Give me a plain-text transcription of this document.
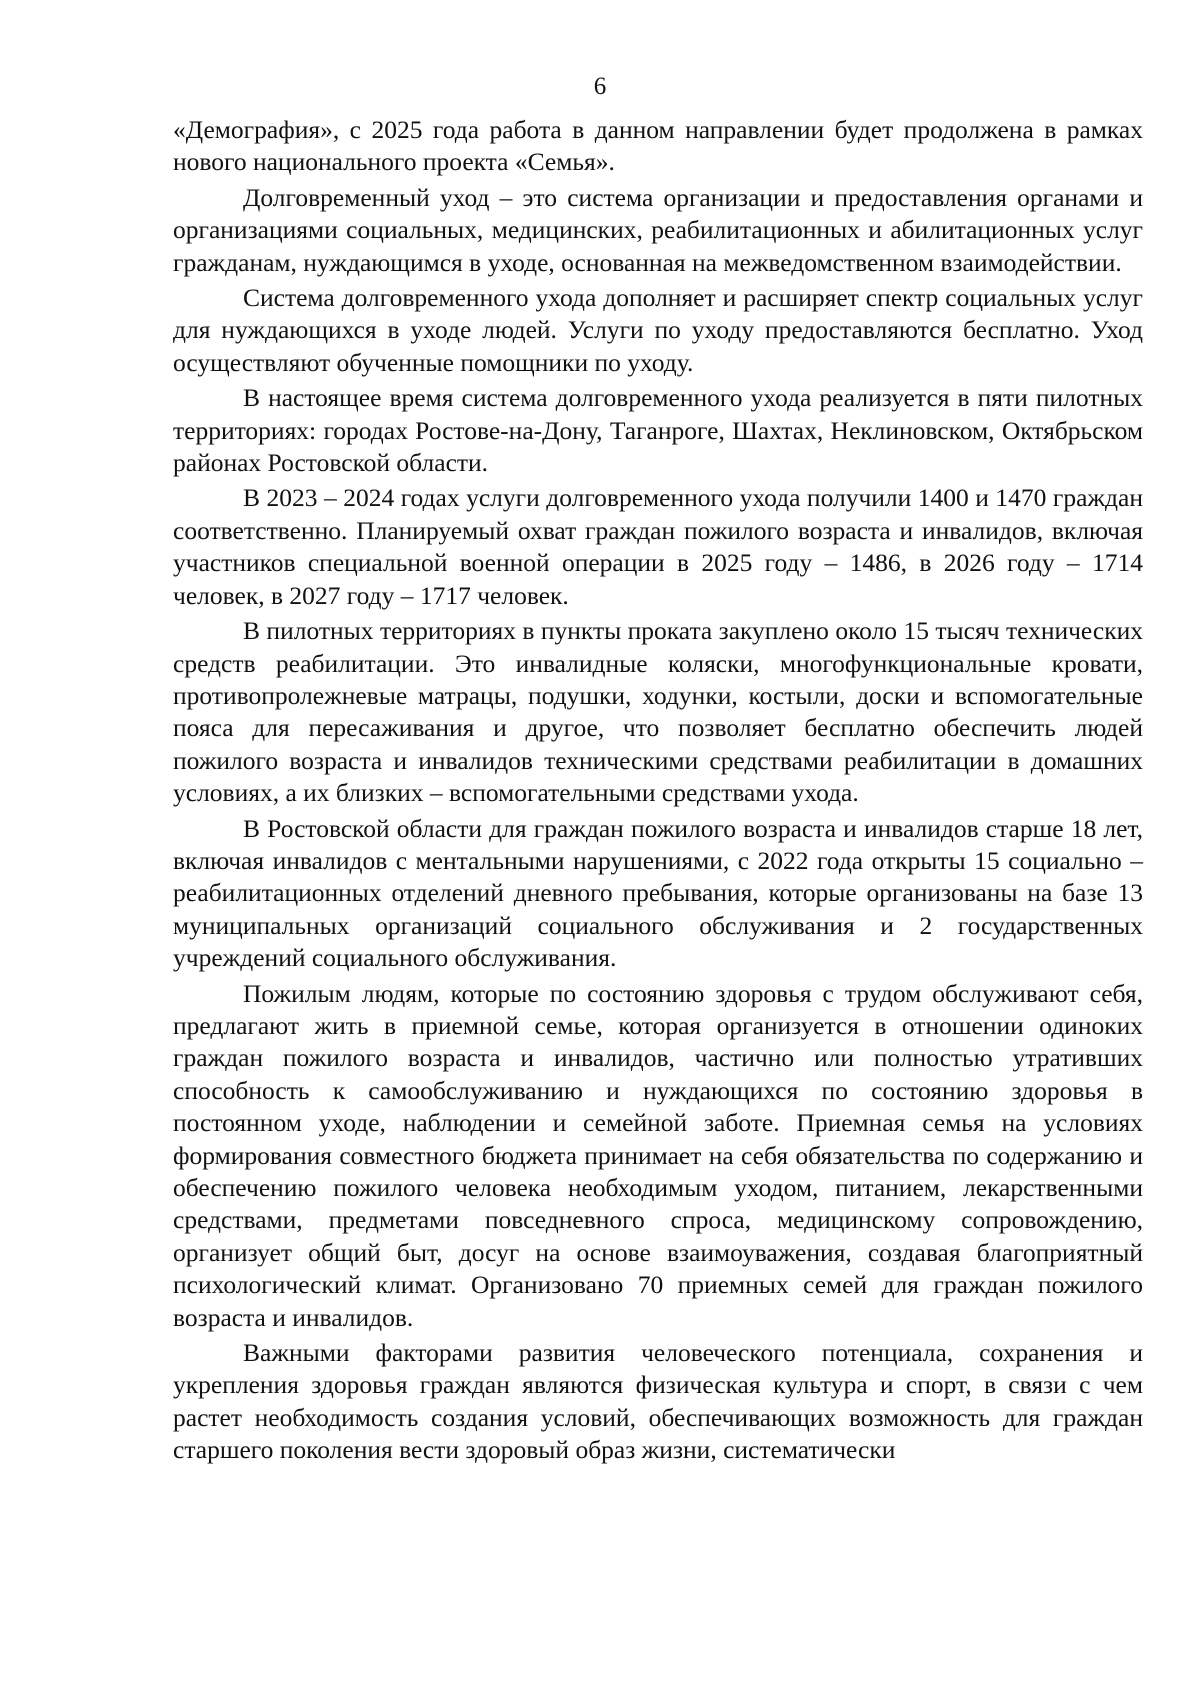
6

«Демография», с 2025 года работа в данном направлении будет продолжена в рамках нового национального проекта «Семья».

Долговременный уход – это система организации и предоставления органами и организациями социальных, медицинских, реабилитационных и абилитационных услуг гражданам, нуждающимся в уходе, основанная на межведомственном взаимодействии.

Система долговременного ухода дополняет и расширяет спектр социальных услуг для нуждающихся в уходе людей. Услуги по уходу предоставляются бесплатно. Уход осуществляют обученные помощники по уходу.

В настоящее время система долговременного ухода реализуется в пяти пилотных территориях: городах Ростове-на-Дону, Таганроге, Шахтах, Неклиновском, Октябрьском районах Ростовской области.

В 2023 – 2024 годах услуги долговременного ухода получили 1400 и 1470 граждан соответственно. Планируемый охват граждан пожилого возраста и инвалидов, включая участников специальной военной операции в 2025 году – 1486, в 2026 году – 1714 человек, в 2027 году – 1717 человек.

В пилотных территориях в пункты проката закуплено около 15 тысяч технических средств реабилитации. Это инвалидные коляски, многофункциональные кровати, противопролежневые матрацы, подушки, ходунки, костыли, доски и вспомогательные пояса для пересаживания и другое, что позволяет бесплатно обеспечить людей пожилого возраста и инвалидов техническими средствами реабилитации в домашних условиях, а их близких – вспомогательными средствами ухода.

В Ростовской области для граждан пожилого возраста и инвалидов старше 18 лет, включая инвалидов с ментальными нарушениями, с 2022 года открыты 15 социально – реабилитационных отделений дневного пребывания, которые организованы на базе 13 муниципальных организаций социального обслуживания и 2 государственных учреждений социального обслуживания.

Пожилым людям, которые по состоянию здоровья с трудом обслуживают себя, предлагают жить в приемной семье, которая организуется в отношении одиноких граждан пожилого возраста и инвалидов, частично или полностью утративших способность к самообслуживанию и нуждающихся по состоянию здоровья в постоянном уходе, наблюдении и семейной заботе. Приемная семья на условиях формирования совместного бюджета принимает на себя обязательства по содержанию и обеспечению пожилого человека необходимым уходом, питанием, лекарственными средствами, предметами повседневного спроса, медицинскому сопровождению, организует общий быт, досуг на основе взаимоуважения, создавая благоприятный психологический климат. Организовано 70 приемных семей для граждан пожилого возраста и инвалидов.

Важными факторами развития человеческого потенциала, сохранения и укрепления здоровья граждан являются физическая культура и спорт, в связи с чем растет необходимость создания условий, обеспечивающих возможность для граждан старшего поколения вести здоровый образ жизни, систематически
